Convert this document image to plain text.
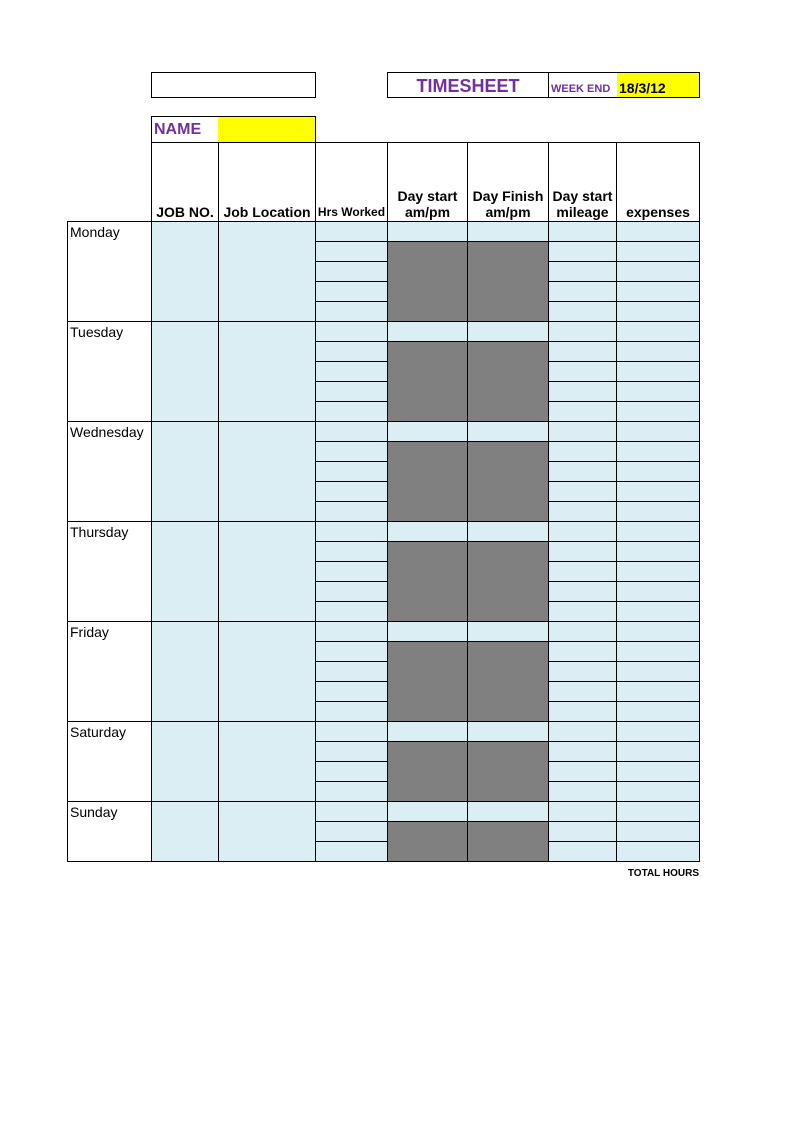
TIMESHEET	WEEK END 18/3/12
NAME
JOB NO. Job Location Hrs Worked
Day start am/pm
Day Finish am/pm
Day start mileage	expenses
Monday
Tuesday
Wednesday
Thursday
Friday
Saturday
Sunday
TOTAL HOURS
